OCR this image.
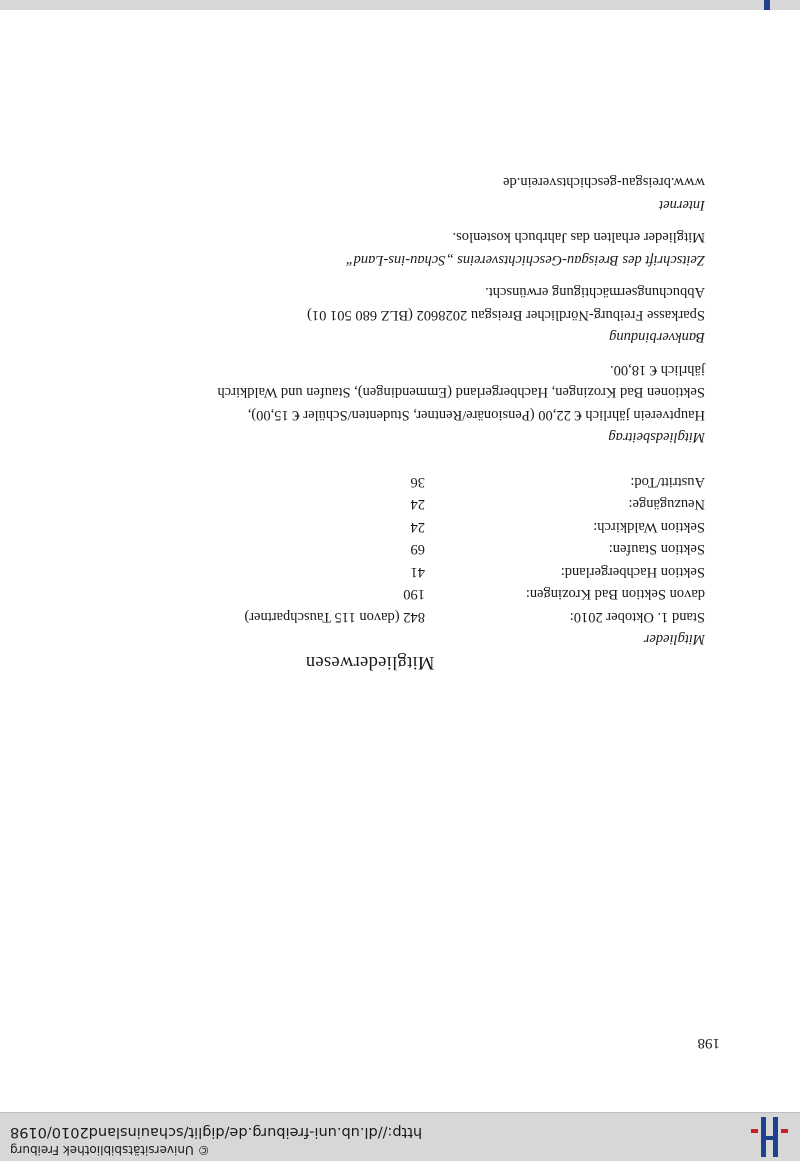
© Universitätsbibliothek Freiburg
http://dl.ub.uni-freiburg.de/diglit/schauinsland2010/0198
198

Mitgliederwesen

Mitglieder

Stand 1. Oktober 2010:
842 (davon 115 Tauschpartner)
davon Sektion Bad Krozingen:
190
Sektion Hachbergerland:
41
Sektion Staufen:
69
Sektion Waldkirch:
24
Neuzugänge:
24
Austritt/Tod:
36

Mitgliedsbeitrag

Hauptverein jährlich € 22,00 (Pensionäre/Rentner, Studenten/Schüler € 15,00),

Sektionen Bad Krozingen, Hachbergerland (Emmendingen), Staufen und Waldkirch

jährlich € 18,00.

Bankverbindung

Sparkasse Freiburg-Nördlicher Breisgau 2028602 (BLZ 680 501 01)

Abbuchungsermächtigung erwünscht.

Zeitschrift des Breisgau-Geschichtsvereins „Schau-ins-Land“

Mitglieder erhalten das Jahrbuch kostenlos.

Internet

www.breisgau-geschichtsverein.de
